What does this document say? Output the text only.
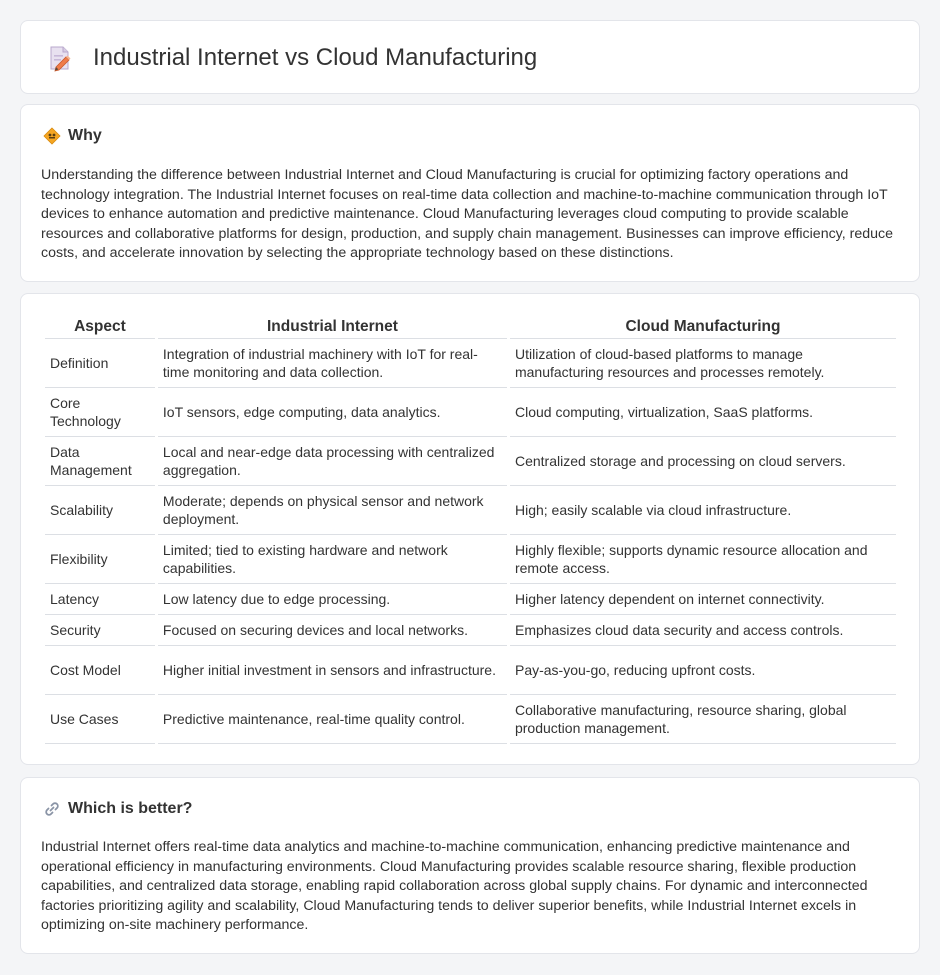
Industrial Internet vs Cloud Manufacturing
Why

Understanding the difference between Industrial Internet and Cloud Manufacturing is crucial for optimizing factory operations and technology integration. The Industrial Internet focuses on real-time data collection and machine-to-machine communication through IoT devices to enhance automation and predictive maintenance. Cloud Manufacturing leverages cloud computing to provide scalable resources and collaborative platforms for design, production, and supply chain management. Businesses can improve efficiency, reduce costs, and accelerate innovation by selecting the appropriate technology based on these distinctions.

Aspect	Industrial Internet	Cloud Manufacturing
Definition	Integration of industrial machinery with IoT for real-time monitoring and data collection.	Utilization of cloud-based platforms to manage manufacturing resources and processes remotely.
Core Technology	IoT sensors, edge computing, data analytics.	Cloud computing, virtualization, SaaS platforms.
Data Management	Local and near-edge data processing with centralized aggregation.	Centralized storage and processing on cloud servers.
Scalability	Moderate; depends on physical sensor and network deployment.	High; easily scalable via cloud infrastructure.
Flexibility	Limited; tied to existing hardware and network capabilities.	Highly flexible; supports dynamic resource allocation and remote access.
Latency	Low latency due to edge processing.	Higher latency dependent on internet connectivity.
Security	Focused on securing devices and local networks.	Emphasizes cloud data security and access controls.
Cost Model	Higher initial investment in sensors and infrastructure.	Pay-as-you-go, reducing upfront costs.
Use Cases	Predictive maintenance, real-time quality control.	Collaborative manufacturing, resource sharing, global production management.
Which is better?

Industrial Internet offers real-time data analytics and machine-to-machine communication, enhancing predictive maintenance and operational efficiency in manufacturing environments. Cloud Manufacturing provides scalable resource sharing, flexible production capabilities, and centralized data storage, enabling rapid collaboration across global supply chains. For dynamic and interconnected factories prioritizing agility and scalability, Cloud Manufacturing tends to deliver superior benefits, while Industrial Internet excels in optimizing on-site machinery performance.
